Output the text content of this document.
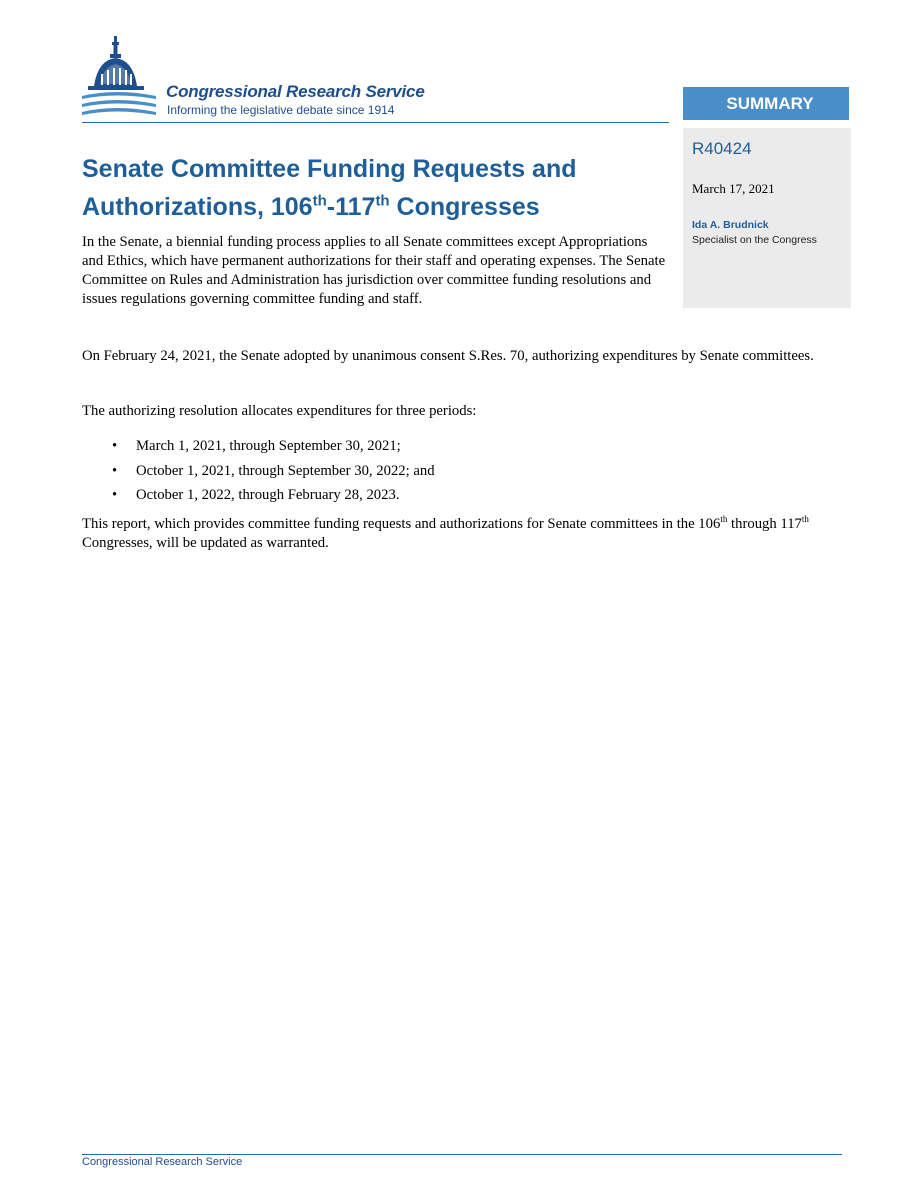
Congressional Research Service
Informing the legislative debate since 1914	SUMMARY
R40424
March 17, 2021
Ida A. Brudnick
Specialist on the Congress
Senate Committee Funding Requests and Authorizations, 106th-117th Congresses
In the Senate, a biennial funding process applies to all Senate committees except Appropriations and Ethics, which have permanent authorizations for their staff and operating expenses. The Senate Committee on Rules and Administration has jurisdiction over committee funding resolutions and issues regulations governing committee funding and staff.
On February 24, 2021, the Senate adopted by unanimous consent S.Res. 70, authorizing expenditures by Senate committees.
The authorizing resolution allocates expenditures for three periods:
• March 1, 2021, through September 30, 2021;
• October 1, 2021, through September 30, 2022; and
• October 1, 2022, through February 28, 2023.
This report, which provides committee funding requests and authorizations for Senate committees in the 106th through 117th Congresses, will be updated as warranted.
Congressional Research Service
